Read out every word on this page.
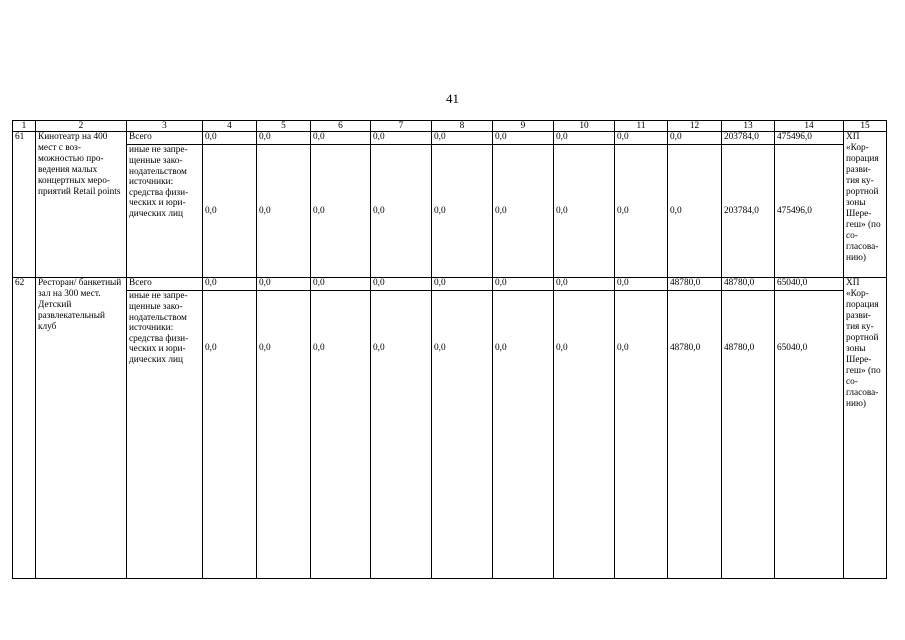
41
1	2	3	4	5	6	7	8	9	10	11	12	13	14	15
61	Кинотеатр на 400 мест с воз-можностью про-ведения малых концертных меро-приятий Retail points	Всего	0,0	0,0	0,0	0,0	0,0	0,0	0,0	0,0	0,0	203784,0	475496,0	ХП «Кор-порация разви-тия ку-рортной зоны Шере-геш» (по со-гласова-нию)
		иные не запре-щенные зако-нодательством источники: средства физи-ческих и юри-дических лиц	0,0	0,0	0,0	0,0	0,0	0,0	0,0	0,0	0,0	203784,0	475496,0	
62	Ресторан/ банкетный зал на 300 мест. Детский развлекательный клуб	Всего	0,0	0,0	0,0	0,0	0,0	0,0	0,0	0,0	48780,0	48780,0	65040,0	ХП «Кор-порация разви-тия ку-рортной зоны Шере-геш» (по со-гласова-нию)
		иные не запре-щенные зако-нодательством источники: средства физи-ческих и юри-дических лиц	0,0	0,0	0,0	0,0	0,0	0,0	0,0	0,0	48780,0	48780,0	65040,0	
